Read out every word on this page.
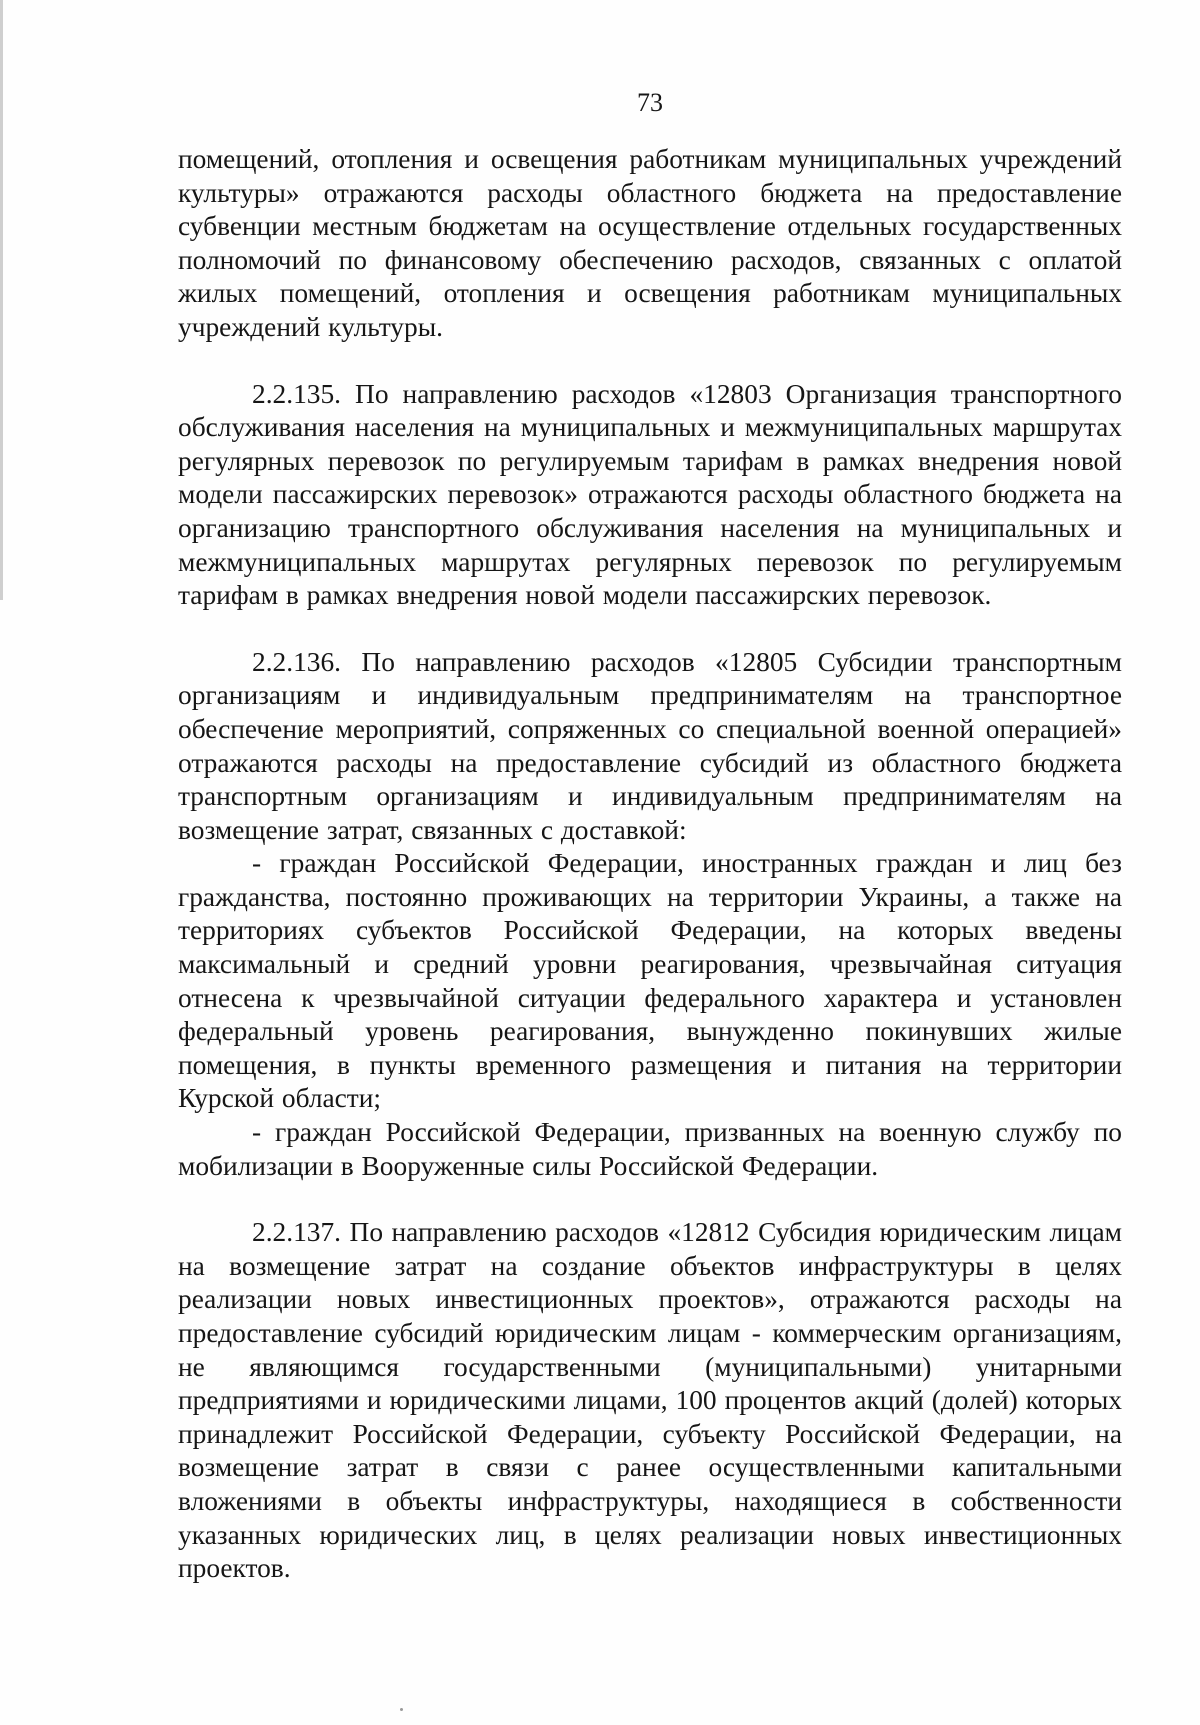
73

помещений, отопления и освещения работникам муниципальных учреждений культуры» отражаются расходы областного бюджета на предоставление субвенции местным бюджетам на осуществление отдельных государственных полномочий по финансовому обеспечению расходов, связанных с оплатой жилых помещений, отопления и освещения работникам муниципальных учреждений культуры.

2.2.135. По направлению расходов «12803 Организация транспортного обслуживания населения на муниципальных и межмуниципальных маршрутах регулярных перевозок по регулируемым тарифам в рамках внедрения новой модели пассажирских перевозок» отражаются расходы областного бюджета на организацию транспортного обслуживания населения на муниципальных и межмуниципальных маршрутах регулярных перевозок по регулируемым тарифам в рамках внедрения новой модели пассажирских перевозок.

2.2.136. По направлению расходов «12805 Субсидии транспортным организациям и индивидуальным предпринимателям на транспортное обеспечение мероприятий, сопряженных со специальной военной операцией» отражаются расходы на предоставление субсидий из областного бюджета транспортным организациям и индивидуальным предпринимателям на возмещение затрат, связанных с доставкой:

- граждан Российской Федерации, иностранных граждан и лиц без гражданства, постоянно проживающих на территории Украины, а также на территориях субъектов Российской Федерации, на которых введены максимальный и средний уровни реагирования, чрезвычайная ситуация отнесена к чрезвычайной ситуации федерального характера и установлен федеральный уровень реагирования, вынужденно покинувших жилые помещения, в пункты временного размещения и питания на территории Курской области;

- граждан Российской Федерации, призванных на военную службу по мобилизации в Вооруженные силы Российской Федерации.

2.2.137. По направлению расходов «12812 Субсидия юридическим лицам на возмещение затрат на создание объектов инфраструктуры в целях реализации новых инвестиционных проектов», отражаются расходы на предоставление субсидий юридическим лицам - коммерческим организациям, не являющимся государственными (муниципальными) унитарными предприятиями и юридическими лицами, 100 процентов акций (долей) которых принадлежит Российской Федерации, субъекту Российской Федерации, на возмещение затрат в связи с ранее осуществленными капитальными вложениями в объекты инфраструктуры, находящиеся в собственности указанных юридических лиц, в целях реализации новых инвестиционных проектов.
